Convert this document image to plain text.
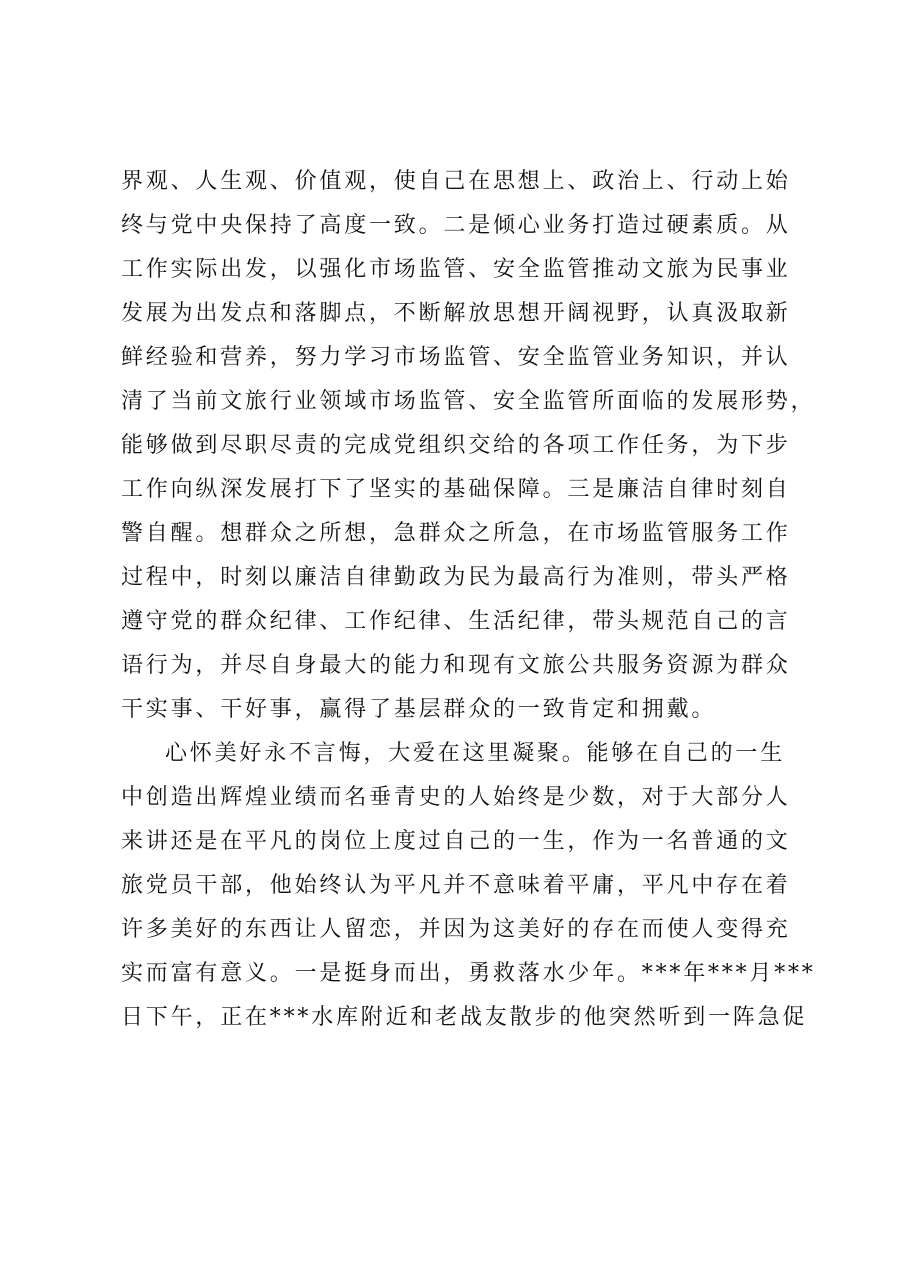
界观、人生观、价值观，使自己在思想上、政治上、行动上始
终与党中央保持了高度一致。二是倾心业务打造过硬素质。从
工作实际出发，以强化市场监管、安全监管推动文旅为民事业
发展为出发点和落脚点，不断解放思想开阔视野，认真汲取新
鲜经验和营养，努力学习市场监管、安全监管业务知识，并认
清了当前文旅行业领域市场监管、安全监管所面临的发展形势，
能够做到尽职尽责的完成党组织交给的各项工作任务，为下步
工作向纵深发展打下了坚实的基础保障。三是廉洁自律时刻自
警自醒。想群众之所想，急群众之所急，在市场监管服务工作
过程中，时刻以廉洁自律勤政为民为最高行为准则，带头严格
遵守党的群众纪律、工作纪律、生活纪律，带头规范自己的言
语行为，并尽自身最大的能力和现有文旅公共服务资源为群众
干实事、干好事，赢得了基层群众的一致肯定和拥戴。
心怀美好永不言悔，大爱在这里凝聚。能够在自己的一生
中创造出辉煌业绩而名垂青史的人始终是少数，对于大部分人
来讲还是在平凡的岗位上度过自己的一生，作为一名普通的文
旅党员干部，他始终认为平凡并不意味着平庸，平凡中存在着
许多美好的东西让人留恋，并因为这美好的存在而使人变得充
实而富有意义。一是挺身而出，勇救落水少年。***年***月***
日下午，正在***水库附近和老战友散步的他突然听到一阵急促
